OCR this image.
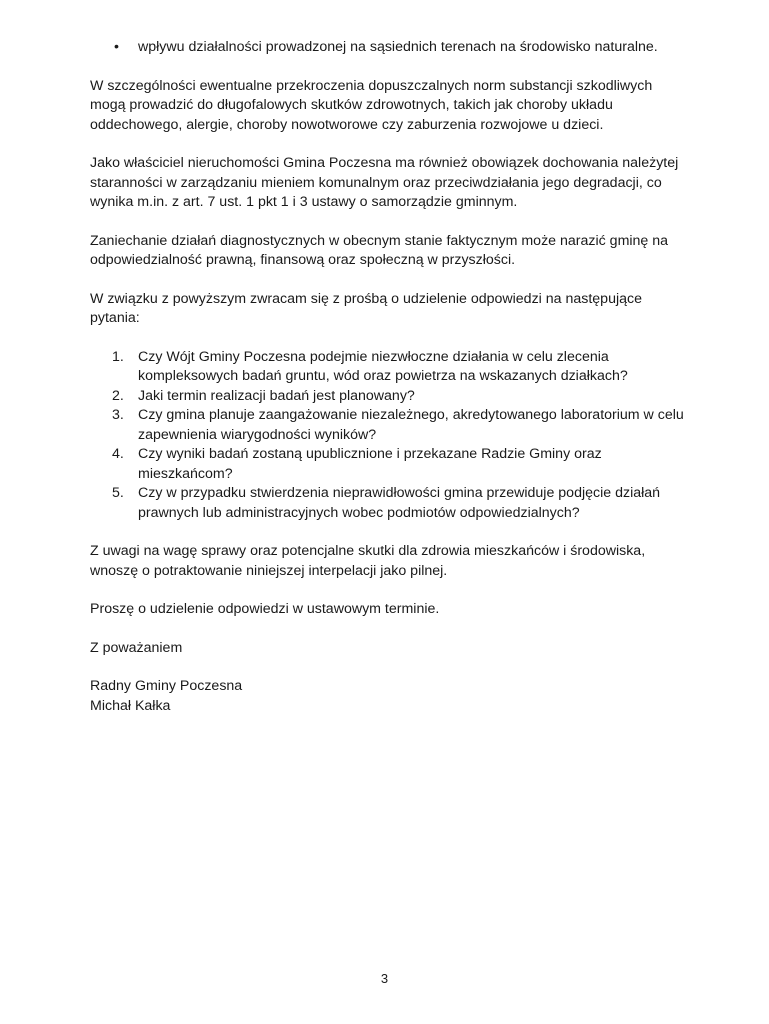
• wpływu działalności prowadzonej na sąsiednich terenach na środowisko naturalne.

W szczególności ewentualne przekroczenia dopuszczalnych norm substancji szkodliwych mogą prowadzić do długofalowych skutków zdrowotnych, takich jak choroby układu oddechowego, alergie, choroby nowotworowe czy zaburzenia rozwojowe u dzieci.

Jako właściciel nieruchomości Gmina Poczesna ma również obowiązek dochowania należytej staranności w zarządzaniu mieniem komunalnym oraz przeciwdziałania jego degradacji, co wynika m.in. z art. 7 ust. 1 pkt 1 i 3 ustawy o samorządzie gminnym.

Zaniechanie działań diagnostycznych w obecnym stanie faktycznym może narazić gminę na odpowiedzialność prawną, finansową oraz społeczną w przyszłości.

W związku z powyższym zwracam się z prośbą o udzielenie odpowiedzi na następujące pytania:

1. Czy Wójt Gminy Poczesna podejmie niezwłoczne działania w celu zlecenia kompleksowych badań gruntu, wód oraz powietrza na wskazanych działkach?
2. Jaki termin realizacji badań jest planowany?
3. Czy gmina planuje zaangażowanie niezależnego, akredytowanego laboratorium w celu zapewnienia wiarygodności wyników?
4. Czy wyniki badań zostaną upublicznione i przekazane Radzie Gminy oraz mieszkańcom?
5. Czy w przypadku stwierdzenia nieprawidłowości gmina przewiduje podjęcie działań prawnych lub administracyjnych wobec podmiotów odpowiedzialnych?

Z uwagi na wagę sprawy oraz potencjalne skutki dla zdrowia mieszkańców i środowiska, wnoszę o potraktowanie niniejszej interpelacji jako pilnej.

Proszę o udzielenie odpowiedzi w ustawowym terminie.

Z poważaniem

Radny Gminy Poczesna

Michał Kałka

3
